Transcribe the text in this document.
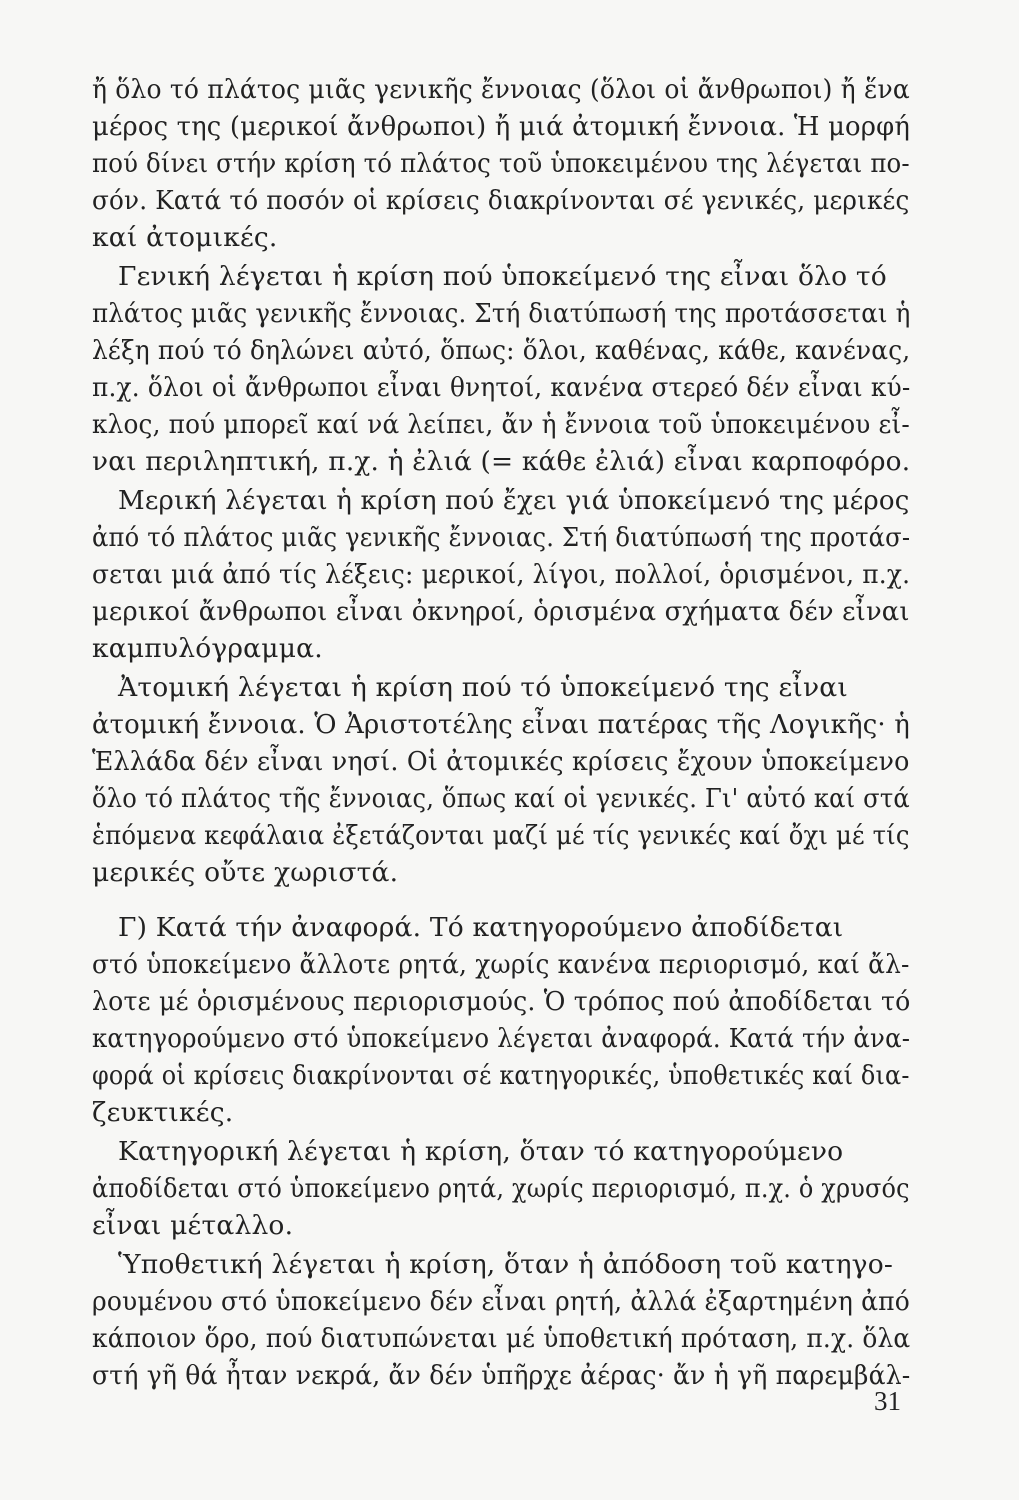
ἤ ὅλο τό πλάτος μιᾶς γενικῆς ἔννοιας (ὅλοι οἱ ἄνθρωποι) ἤ ἕνα
μέρος της (μερικοί ἄνθρωποι) ἤ μιά ἀτομική ἔννοια. Ἡ μορφή
πού δίνει στήν κρίση τό πλάτος τοῦ ὑποκειμένου της λέγεται πο-
σόν. Κατά τό ποσόν οἱ κρίσεις διακρίνονται σέ γενικές, μερικές
καί ἀτομικές.
Γενική λέγεται ἡ κρίση πού ὑποκείμενό της εἶναι ὅλο τό
πλάτος μιᾶς γενικῆς ἔννοιας. Στή διατύπωσή της προτάσσεται ἡ
λέξη πού τό δηλώνει αὐτό, ὅπως: ὅλοι, καθένας, κάθε, κανένας,
π.χ. ὅλοι οἱ ἄνθρωποι εἶναι θνητοί, κανένα στερεό δέν εἶναι κύ-
κλος, πού μπορεῖ καί νά λείπει, ἄν ἡ ἔννοια τοῦ ὑποκειμένου εἶ-
ναι περιληπτική, π.χ. ἡ ἐλιά (= κάθε ἐλιά) εἶναι καρποφόρο.
Μερική λέγεται ἡ κρίση πού ἔχει γιά ὑποκείμενό της μέρος
ἀπό τό πλάτος μιᾶς γενικῆς ἔννοιας. Στή διατύπωσή της προτάσ-
σεται μιά ἀπό τίς λέξεις: μερικοί, λίγοι, πολλοί, ὁρισμένοι, π.χ.
μερικοί ἄνθρωποι εἶναι ὀκνηροί, ὁρισμένα σχήματα δέν εἶναι
καμπυλόγραμμα.
Ἀτομική λέγεται ἡ κρίση πού τό ὑποκείμενό της εἶναι
ἀτομική ἔννοια. Ὁ Ἀριστοτέλης εἶναι πατέρας τῆς Λογικῆς· ἡ
Ἑλλάδα δέν εἶναι νησί. Οἱ ἀτομικές κρίσεις ἔχουν ὑποκείμενο
ὅλο τό πλάτος τῆς ἔννοιας, ὅπως καί οἱ γενικές. Γι' αὐτό καί στά
ἑπόμενα κεφάλαια ἐξετάζονται μαζί μέ τίς γενικές καί ὄχι μέ τίς
μερικές οὔτε χωριστά.
Γ) Κατά τήν ἀναφορά. Τό κατηγορούμενο ἀποδίδεται
στό ὑποκείμενο ἄλλοτε ρητά, χωρίς κανένα περιορισμό, καί ἄλ-
λοτε μέ ὁρισμένους περιορισμούς. Ὁ τρόπος πού ἀποδίδεται τό
κατηγορούμενο στό ὑποκείμενο λέγεται ἀναφορά. Κατά τήν ἀνα-
φορά οἱ κρίσεις διακρίνονται σέ κατηγορικές, ὑποθετικές καί δια-
ζευκτικές.
Κατηγορική λέγεται ἡ κρίση, ὅταν τό κατηγορούμενο
ἀποδίδεται στό ὑποκείμενο ρητά, χωρίς περιορισμό, π.χ. ὁ χρυσός
εἶναι μέταλλο.
Ὑποθετική λέγεται ἡ κρίση, ὅταν ἡ ἀπόδοση τοῦ κατηγο-
ρουμένου στό ὑποκείμενο δέν εἶναι ρητή, ἀλλά ἐξαρτημένη ἀπό
κάποιον ὅρο, πού διατυπώνεται μέ ὑποθετική πρόταση, π.χ. ὅλα
στή γῆ θά ἦταν νεκρά, ἄν δέν ὑπῆρχε ἀέρας· ἄν ἡ γῆ παρεμβάλ-
31
